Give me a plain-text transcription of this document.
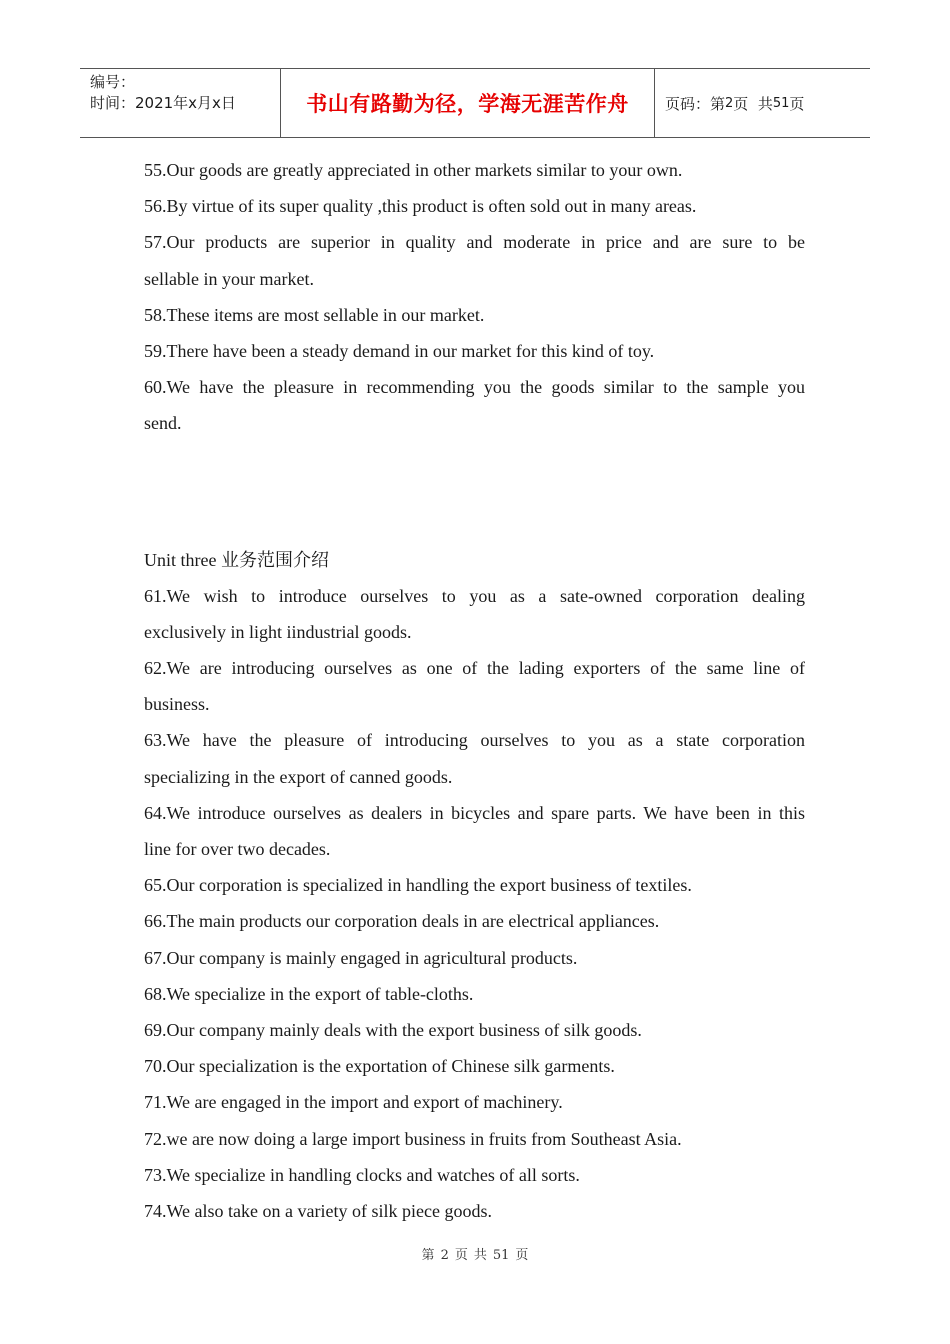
编号：
时间：2021年x月x日	书山有路勤为径，学海无涯苦作舟	页码：第 2 页  共 51 页
55.Our goods are greatly appreciated in other markets similar to your own.
56.By virtue of its super quality ,this product is often sold out in many areas.
57.Our products are superior in quality and moderate in price and are sure to be
sellable in your market.
58.These items are most sellable in our market.
59.There have been a steady demand in our market for this kind of toy.
60.We have the pleasure in recommending you the goods similar to the sample you
send.
Unit three 业务范围介绍
61.We wish to introduce ourselves to you as a sate-owned corporation dealing
exclusively in light iindustrial goods.
62.We are introducing ourselves as one of the lading exporters of the same line of
business.
63.We have the pleasure of introducing ourselves to you as a state corporation
specializing in the export of canned goods.
64.We introduce ourselves as dealers in bicycles and spare parts. We have been in this
line for over two decades.
65.Our corporation is specialized in handling the export business of textiles.
66.The main products our corporation deals in are electrical appliances.
67.Our company is mainly engaged in agricultural products.
68.We specialize in the export of table-cloths.
69.Our company mainly deals with the export business of silk goods.
70.Our specialization is the exportation of Chinese silk garments.
71.We are engaged in the import and export of machinery.
72.we are now doing a large import business in fruits from Southeast Asia.
73.We specialize in handling clocks and watches of all sorts.
74.We also take on a variety of silk piece goods.
第 2 页 共 51 页
